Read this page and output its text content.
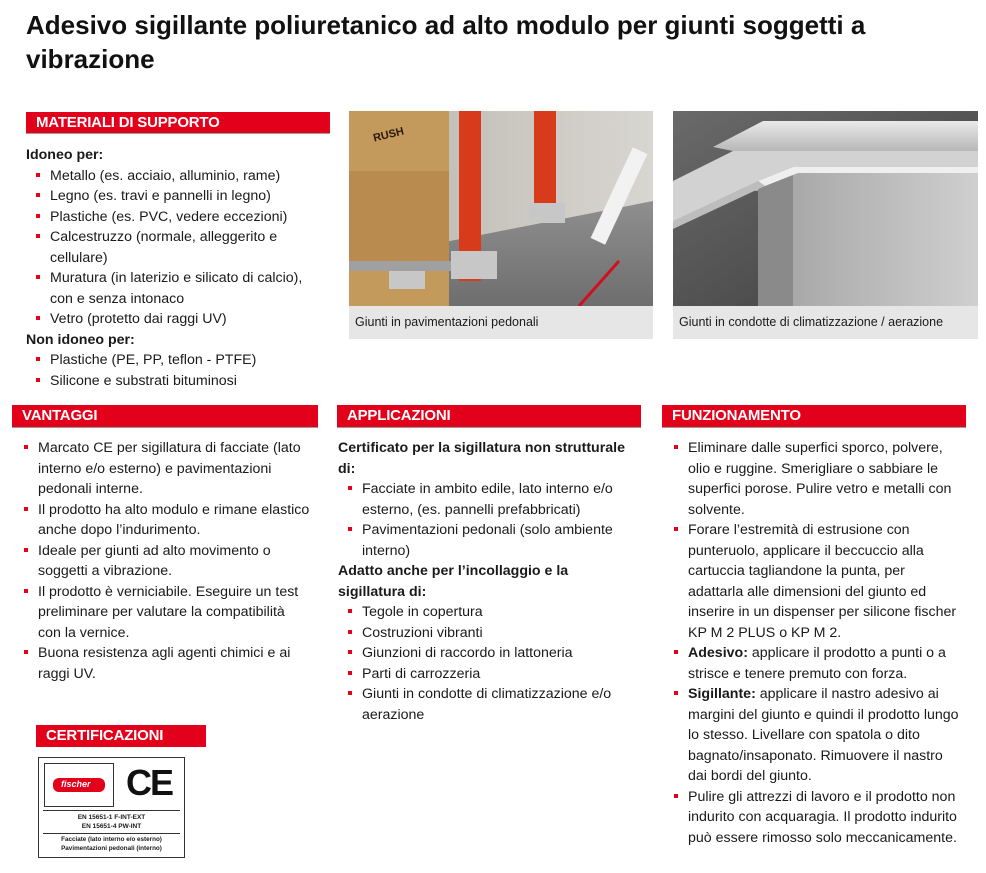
Adesivo sigillante poliuretanico ad alto modulo per giunti soggetti a vibrazione
MATERIALI DI SUPPORTO

Idoneo per:

Metallo (es. acciaio, alluminio, rame)
Legno (es. travi e pannelli in legno)
Plastiche (es. PVC, vedere eccezioni)
Calcestruzzo (normale, alleggerito e cellulare)
Muratura (in laterizio e silicato di calcio), con e senza intonaco
Vetro (protetto dai raggi UV)

Non idoneo per:

Plastiche (PE, PP, teflon - PTFE)
Silicone e substrati bituminosi
RUSH
Giunti in pavimentazioni pedonali	Giunti in condotte di climatizzazione / aerazione
VANTAGGI
Marcato CE per sigillatura di facciate (lato interno e/o esterno) e pavimentazioni pedonali interne.
Il prodotto ha alto modulo e rimane elastico anche dopo l’indurimento.
Ideale per giunti ad alto movimento o soggetti a vibrazione.
Il prodotto è verniciabile. Eseguire un test preliminare per valutare la compatibilità con la vernice.
Buona resistenza agli agenti chimici e ai raggi UV.
CERTIFICAZIONI
fischer CE
EN 15651-1 F-INT-EXT
EN 15651-4 PW-INT
Facciate (lato interno e/o esterno)
Pavimentazioni pedonali (interno)
APPLICAZIONI

Certificato per la sigillatura non strutturale di:

Facciate in ambito edile, lato interno e/o esterno, (es. pannelli prefabbricati)
Pavimentazioni pedonali (solo ambiente interno)

Adatto anche per l’incollaggio e la sigillatura di:

Tegole in copertura
Costruzioni vibranti
Giunzioni di raccordo in lattoneria
Parti di carrozzeria
Giunti in condotte di climatizzazione e/o aerazione
FUNZIONAMENTO
Eliminare dalle superfici sporco, polvere, olio e ruggine. Smerigliare o sabbiare le superfici porose. Pulire vetro e metalli con solvente.
Forare l’estremità di estrusione con punteruolo, applicare il beccuccio alla cartuccia tagliandone la punta, per adattarla alle dimensioni del giunto ed inserire in un dispenser per silicone fischer KP M 2 PLUS o KP M 2.
Adesivo: applicare il prodotto a punti o a strisce e tenere premuto con forza.
Sigillante: applicare il nastro adesivo ai margini del giunto e quindi il prodotto lungo lo stesso. Livellare con spatola o dito bagnato/insaponato. Rimuovere il nastro dai bordi del giunto.
Pulire gli attrezzi di lavoro e il prodotto non indurito con acquaragia. Il prodotto indurito può essere rimosso solo meccanicamente.
